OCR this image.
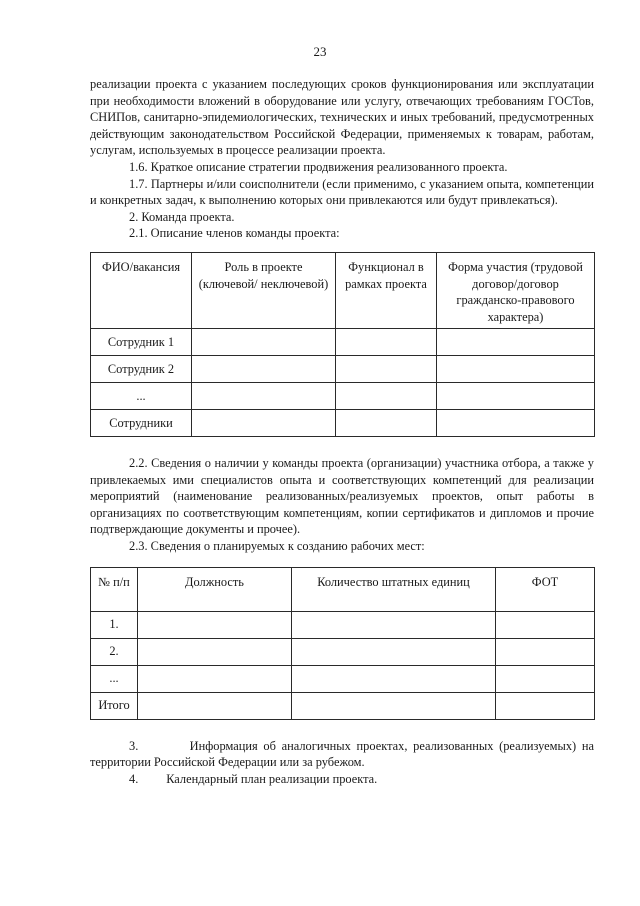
23

реализации проекта с указанием последующих сроков функционирования или эксплуатации при необходимости вложений в оборудование или услугу, отвечающих требованиям ГОСТов, СНИПов, санитарно-эпидемиологических, технических и иных требований, предусмотренных действующим законодательством Российской Федерации, применяемых к товарам, работам, услугам, используемых в процессе реализации проекта.

1.6. Краткое описание стратегии продвижения реализованного проекта.

1.7. Партнеры и/или соисполнители (если применимо, с указанием опыта, компетенции и конкретных задач, к выполнению которых они привлекаются или будут привлекаться).

2. Команда проекта.

2.1. Описание членов команды проекта:

ФИО/вакансия	Роль в проекте (ключевой/ неключевой)	Функционал в рамках проекта	Форма участия (трудовой договор/договор гражданско-правового характера)
Сотрудник 1			
Сотрудник 2			
...			
Сотрудники			

2.2. Сведения о наличии у команды проекта (организации) участника отбора, а также у привлекаемых ими специалистов опыта и соответствующих компетенций для реализации мероприятий (наименование реализованных/реализуемых проектов, опыт работы в организациях по соответствующим компетенциям, копии сертификатов и дипломов и прочие подтверждающие документы и прочее).

2.3. Сведения о планируемых к созданию рабочих мест:

№ п/п	Должность	Количество штатных единиц	ФОТ
1.			
2.			
...			
Итого			

3.	Информация об аналогичных проектах, реализованных (реализуемых) на территории Российской Федерации или за рубежом.

4. Календарный план реализации проекта.
